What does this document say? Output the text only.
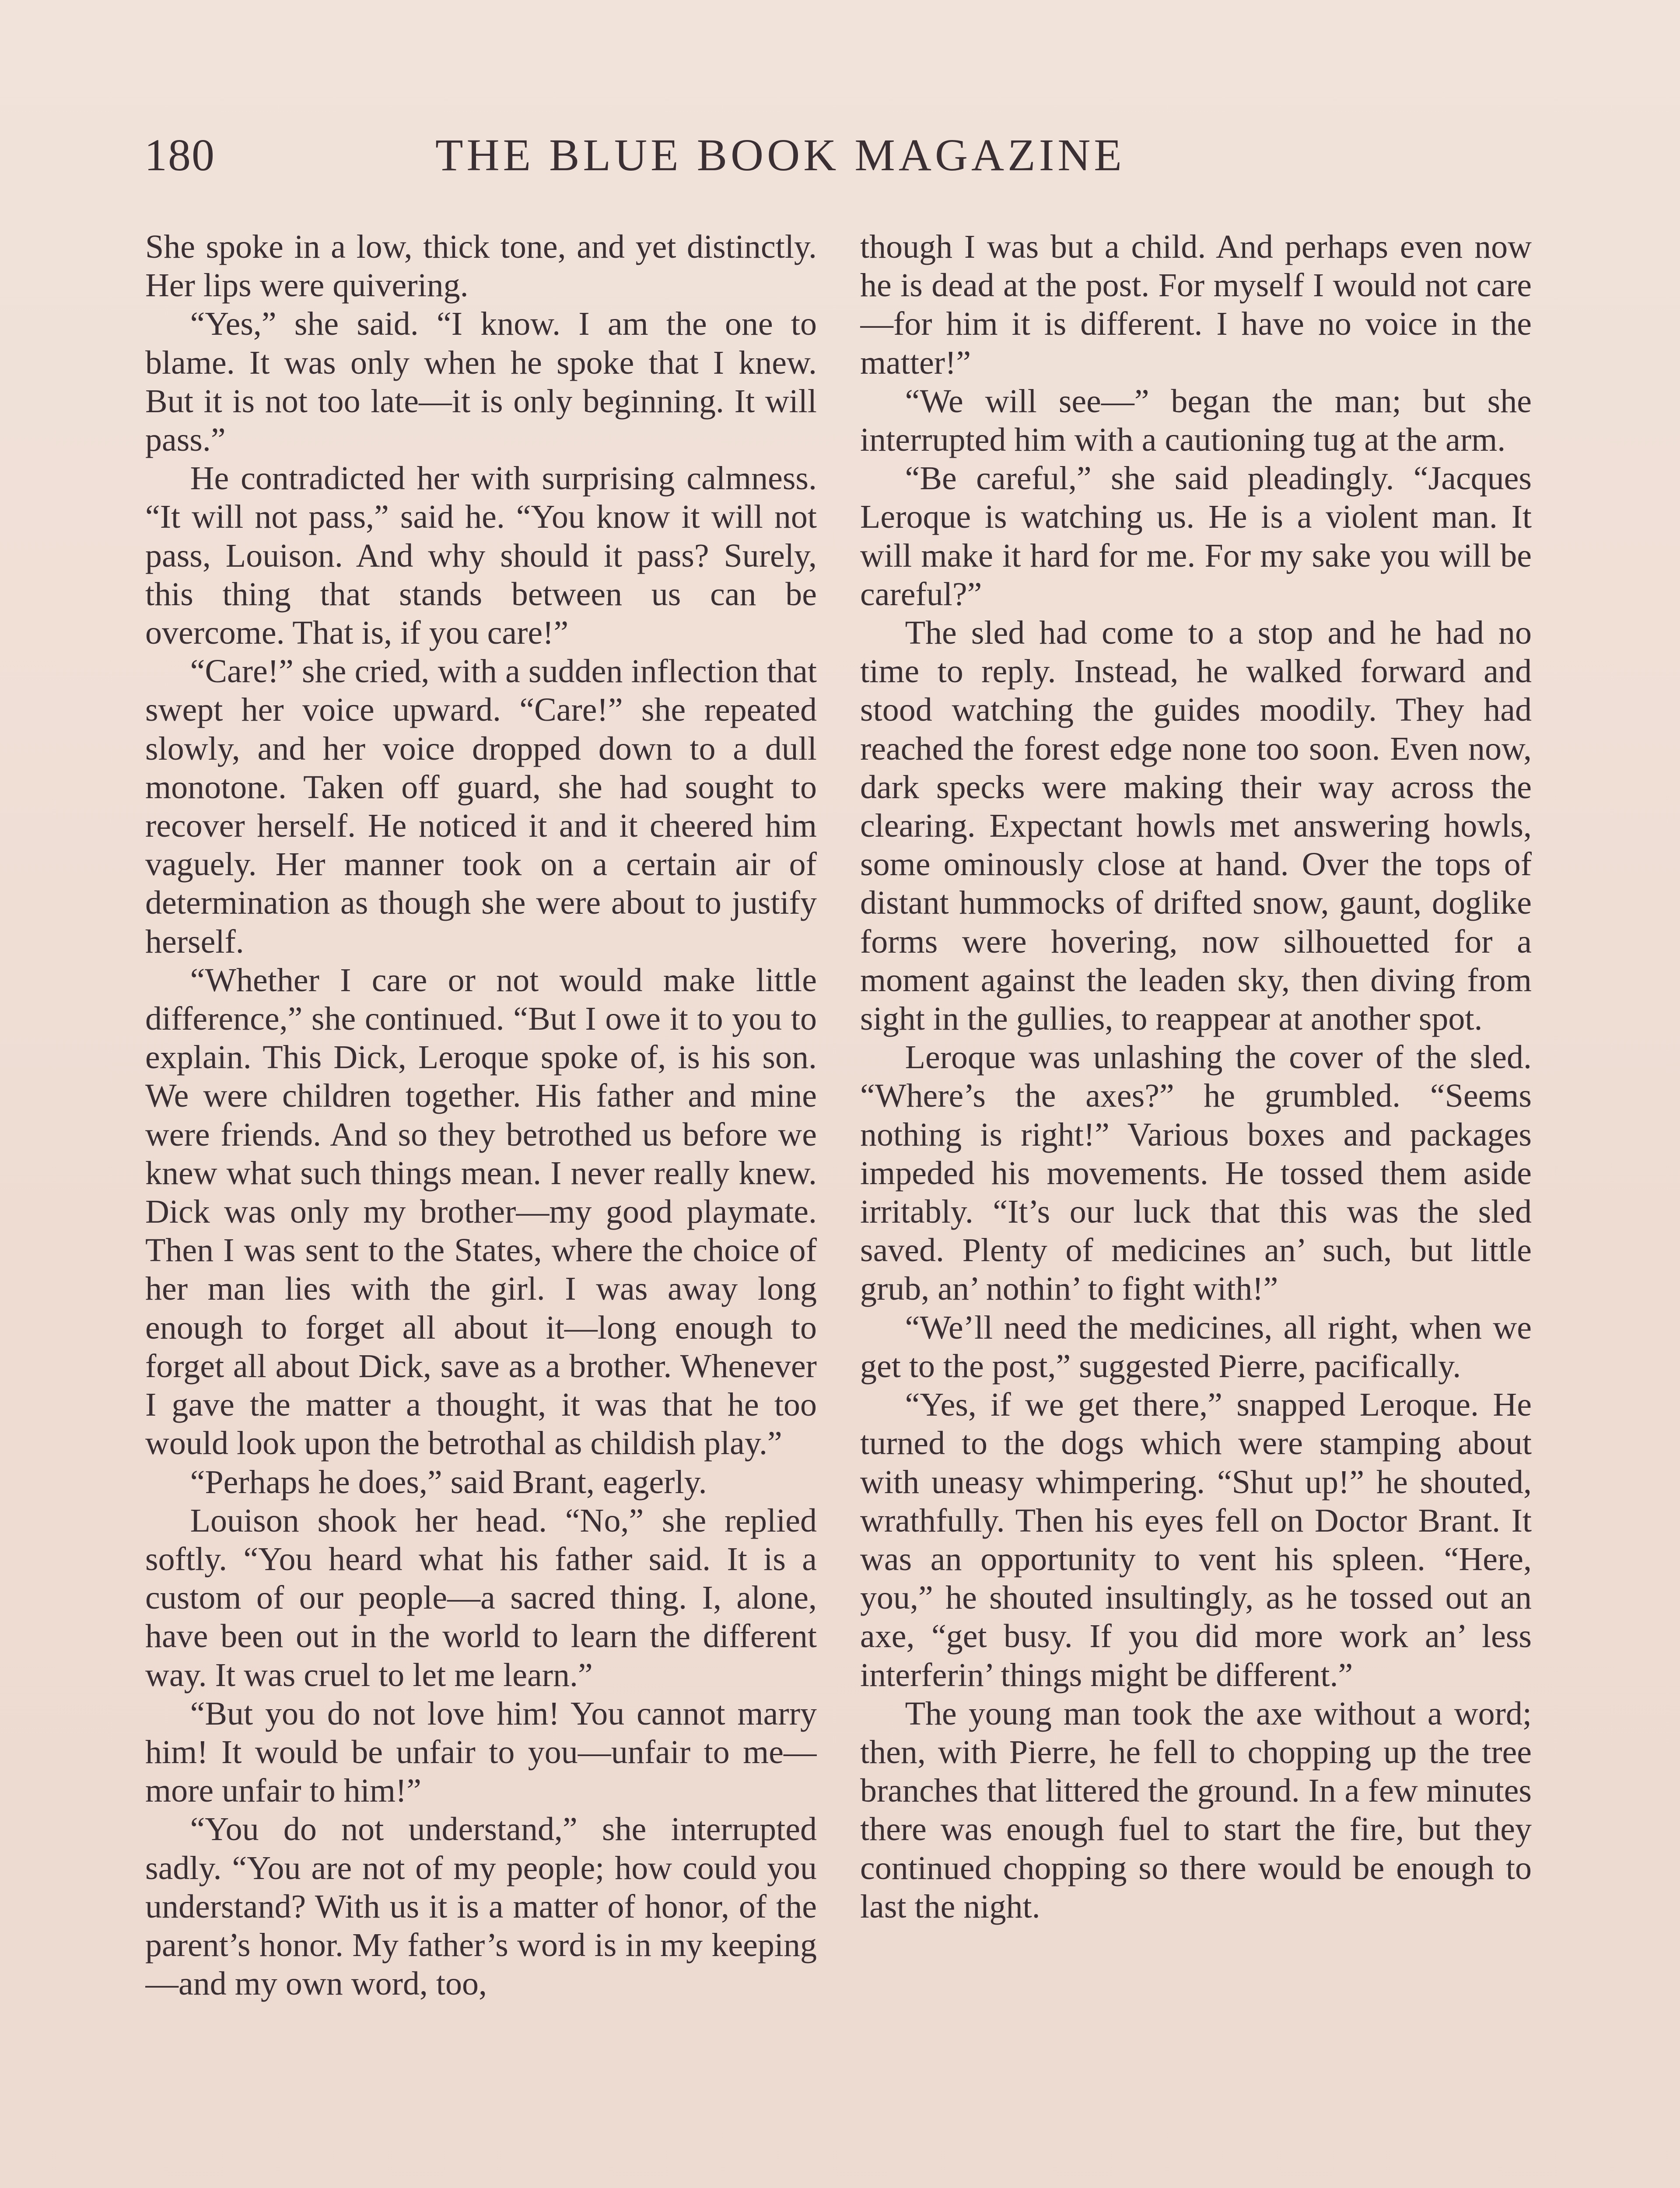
180	THE BLUE BOOK MAGAZINE

She spoke in a low, thick tone, and yet distinctly. Her lips were quivering.

“Yes,” she said. “I know. I am the one to blame. It was only when he spoke that I knew. But it is not too late—it is only beginning. It will pass.”

He contradicted her with surprising calmness. “It will not pass,” said he. “You know it will not pass, Louison. And why should it pass? Surely, this thing that stands between us can be overcome. That is, if you care!”

“Care!” she cried, with a sudden inflection that swept her voice upward. “Care!” she repeated slowly, and her voice dropped down to a dull monotone. Taken off guard, she had sought to recover herself. He noticed it and it cheered him vaguely. Her manner took on a certain air of determination as though she were about to justify herself.

“Whether I care or not would make little difference,” she continued. “But I owe it to you to explain. This Dick, Leroque spoke of, is his son. We were children together. His father and mine were friends. And so they betrothed us before we knew what such things mean. I never really knew. Dick was only my brother—my good playmate. Then I was sent to the States, where the choice of her man lies with the girl. I was away long enough to forget all about it—long enough to forget all about Dick, save as a brother. Whenever I gave the matter a thought, it was that he too would look upon the betrothal as childish play.”

“Perhaps he does,” said Brant, eagerly.

Louison shook her head. “No,” she replied softly. “You heard what his father said. It is a custom of our people—a sacred thing. I, alone, have been out in the world to learn the different way. It was cruel to let me learn.”

“But you do not love him! You cannot marry him! It would be unfair to you—unfair to me—more unfair to him!”

“You do not understand,” she interrupted sadly. “You are not of my people; how could you understand? With us it is a matter of honor, of the parent’s honor. My father’s word is in my keeping—and my own word, too,

though I was but a child. And perhaps even now he is dead at the post. For myself I would not care—for him it is different. I have no voice in the matter!”

“We will see—” began the man; but she interrupted him with a cautioning tug at the arm.

“Be careful,” she said pleadingly. “Jacques Leroque is watching us. He is a violent man. It will make it hard for me. For my sake you will be careful?”

The sled had come to a stop and he had no time to reply. Instead, he walked forward and stood watching the guides moodily. They had reached the forest edge none too soon. Even now, dark specks were making their way across the clearing. Expectant howls met answering howls, some ominously close at hand. Over the tops of distant hummocks of drifted snow, gaunt, doglike forms were hovering, now silhouetted for a moment against the leaden sky, then diving from sight in the gullies, to reappear at another spot.

Leroque was unlashing the cover of the sled. “Where’s the axes?” he grumbled. “Seems nothing is right!” Various boxes and packages impeded his movements. He tossed them aside irritably. “It’s our luck that this was the sled saved. Plenty of medicines an’ such, but little grub, an’ nothin’ to fight with!”

“We’ll need the medicines, all right, when we get to the post,” suggested Pierre, pacifically.

“Yes, if we get there,” snapped Leroque. He turned to the dogs which were stamping about with uneasy whimpering. “Shut up!” he shouted, wrathfully. Then his eyes fell on Doctor Brant. It was an opportunity to vent his spleen. “Here, you,” he shouted insultingly, as he tossed out an axe, “get busy. If you did more work an’ less interferin’ things might be different.”

The young man took the axe without a word; then, with Pierre, he fell to chopping up the tree branches that littered the ground. In a few minutes there was enough fuel to start the fire, but they continued chopping so there would be enough to last the night.
